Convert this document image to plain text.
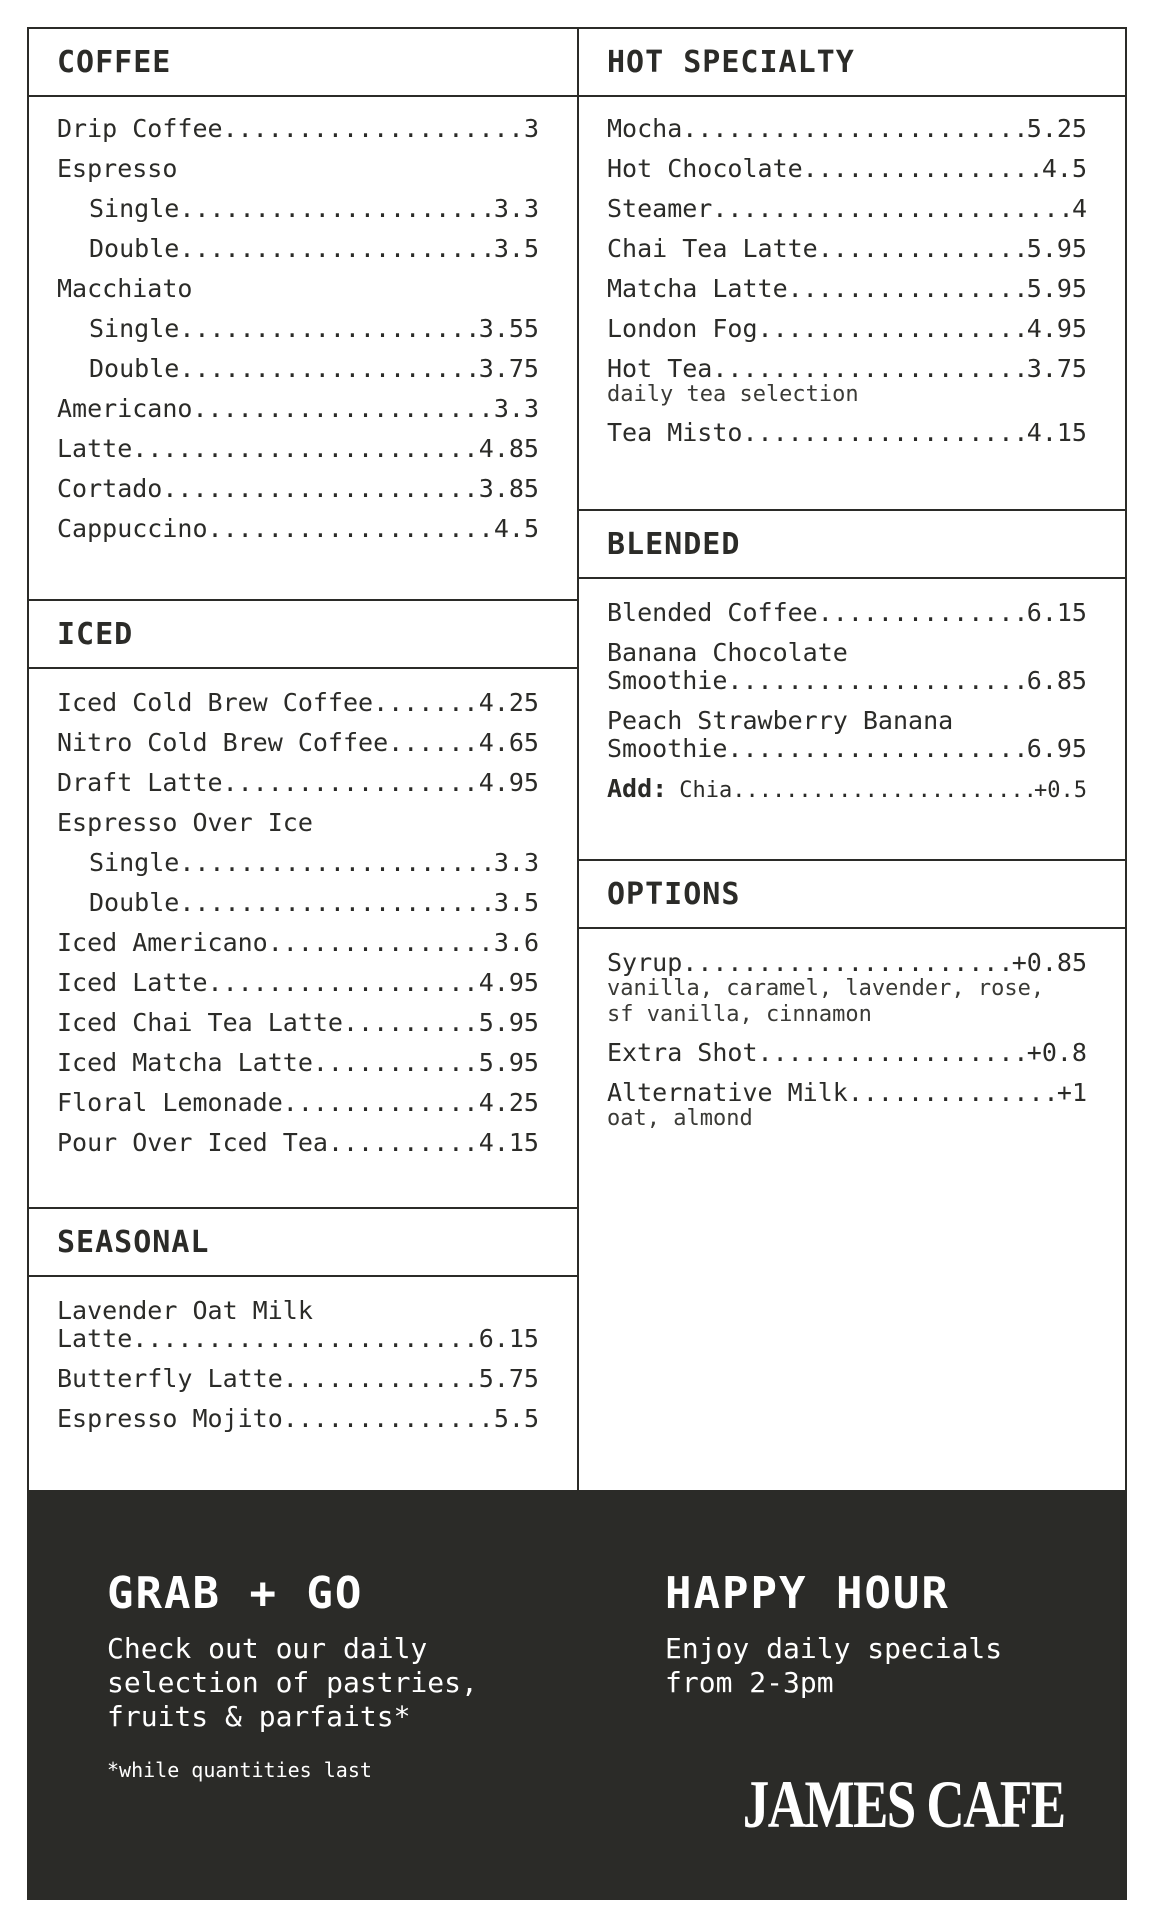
COFFEE
Drip Coffee .....	3
Espresso
Single .....	3.3
Double .....	3.5
Macchiato
Single .....	3.55
Double .....	3.75
Americano .....	3.3
Latte .....	4.85
Cortado .....	3.85
Cappuccino .....	4.5
ICED
Iced Cold Brew Coffee .....	4.25
Nitro Cold Brew Coffee .....	4.65
Draft Latte .....	4.95
Espresso Over Ice
Single .....	3.3
Double .....	3.5
Iced Americano .....	3.6
Iced Latte .....	4.95
Iced Chai Tea Latte .....	5.95
Iced Matcha Latte .....	5.95
Floral Lemonade .....	4.25
Pour Over Iced Tea .....	4.15
SEASONAL
Lavender Oat Milk
Latte .....	6.15
Butterfly Latte .....	5.75
Espresso Mojito .....	5.5
HOT SPECIALTY
Mocha .....	5.25
Hot Chocolate .....	4.5
Steamer .....	4
Chai Tea Latte .....	5.95
Matcha Latte .....	5.95
London Fog .....	4.95
Hot Tea .....	3.75
daily tea selection
Tea Misto .....	4.15
BLENDED
Blended Coffee .....	6.15
Banana Chocolate
Smoothie .....	6.85
Peach Strawberry Banana
Smoothie .....	6.95
Add: Chia .....	+0.5
OPTIONS
Syrup .....	+0.85
vanilla, caramel, lavender, rose,
sf vanilla, cinnamon
Extra Shot .....	+0.8
Alternative Milk .....	+1
oat, almond
GRAB + GO
Check out our daily
selection of pastries,
fruits & parfaits*
*while quantities last
HAPPY HOUR
Enjoy daily specials
from 2-3pm
JAMES CAFE
